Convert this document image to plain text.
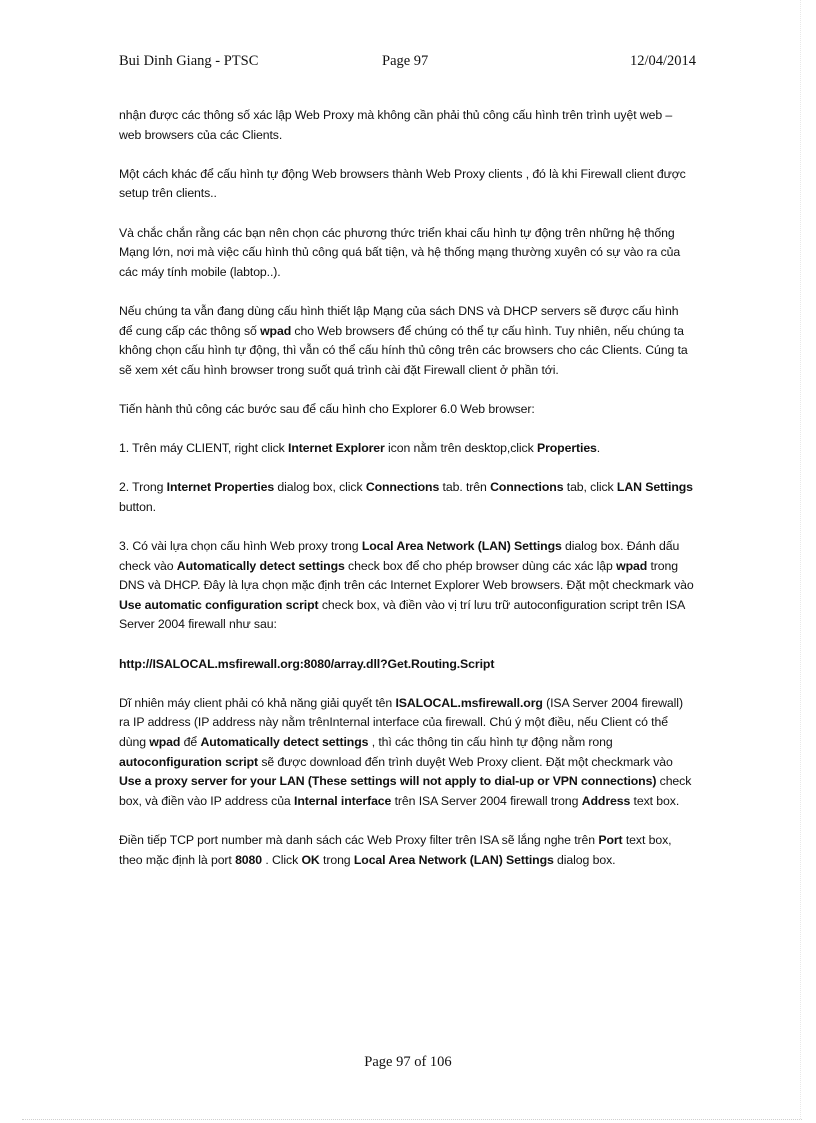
Bui Dinh Giang - PTSC	Page 97	12/04/2014

nhận được các thông số xác lập Web Proxy mà không cần phải thủ công cấu hình trên trình uyệt web –web browsers của các Clients.

Một cách khác để cấu hình tự động Web browsers thành Web Proxy clients , đó là khi Firewall client được setup trên clients..

Và chắc chắn rằng các bạn nên chọn các phương thức triển khai cấu hình tự động trên những hệ thống Mạng lớn, nơi mà việc cấu hình thủ công quá bất tiện, và hệ thống mạng thường xuyên có sự vào ra của các máy tính mobile (labtop..).

Nếu chúng ta vẫn đang dùng cấu hình thiết lập Mạng của sách DNS và DHCP servers sẽ được cấu hình để cung cấp các thông số wpad cho Web browsers để chúng có thể tự cấu hình. Tuy nhiên, nếu chúng ta không chọn cấu hình tự động, thì vẫn có thể cấu hính thủ công trên các browsers cho các Clients. Cúng ta sẽ xem xét cấu hình browser trong suốt quá trình cài đặt Firewall client ở phần tới.

Tiến hành thủ công các bước sau để cấu hình cho Explorer 6.0 Web browser:

1. Trên máy CLIENT, right click Internet Explorer icon nằm trên desktop,click Properties.

2. Trong Internet Properties dialog box, click Connections tab. trên Connections tab, click LAN Settings button.

3. Có vài lựa chọn cấu hình Web proxy trong Local Area Network (LAN) Settings dialog box. Đánh dấu check vào Automatically detect settings check box để cho phép browser dùng các xác lập wpad trong DNS và DHCP. Đây là lựa chọn mặc định trên các Internet Explorer Web browsers. Đặt một checkmark vào Use automatic configuration script check box, và điền vào vị trí lưu trữ autoconfiguration script trên ISA Server 2004 firewall như sau:

http://ISALOCAL.msfirewall.org:8080/array.dll?Get.Routing.Script

Dĩ nhiên máy client phải có khả năng giải quyết tên ISALOCAL.msfirewall.org (ISA Server 2004 firewall) ra IP address (IP address này nằm trênInternal interface của firewall. Chú ý một điều, nếu Client có thể dùng wpad để Automatically detect settings , thì các thông tin cấu hình tự động nằm rong autoconfiguration script sẽ được download đến trình duyệt Web Proxy client. Đặt một checkmark vào Use a proxy server for your LAN (These settings will not apply to dial-up or VPN connections) check box, và điền vào IP address của Internal interface trên ISA Server 2004 firewall trong Address text box.

Điền tiếp TCP port number mà danh sách các Web Proxy filter trên ISA sẽ lắng nghe trên Port text box, theo mặc định là port 8080 . Click OK trong Local Area Network (LAN) Settings dialog box.

Page 97 of 106
